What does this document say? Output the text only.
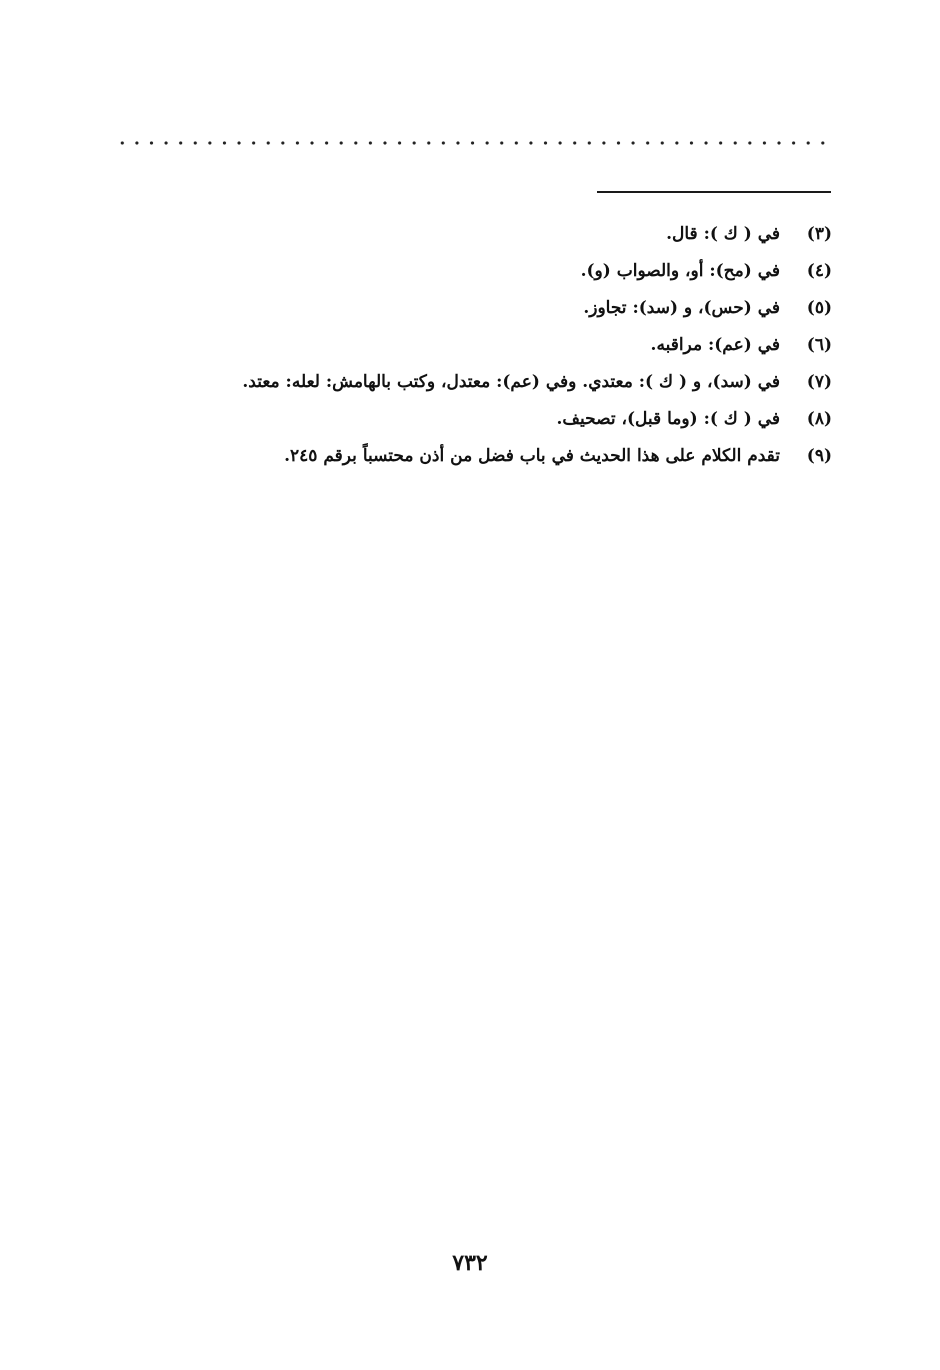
(٣)
في ( ك ): قال.
(٤)
في (مح): أو، والصواب (و).
(٥)
في (حس)، و (سد): تجاوز.
(٦)
في (عم): مراقبه.
(٧)
في (سد)، و ( ك ): معتدي. وفي (عم): معتدل، وكتب بالهامش: لعله: معتد.
(٨)
في ( ك ): (وما قبل)، تصحيف.
(٩)
تقدم الكلام على هذا الحديث في باب فضل من أذن محتسباً برقم ٢٤٥.
٧٣٢
